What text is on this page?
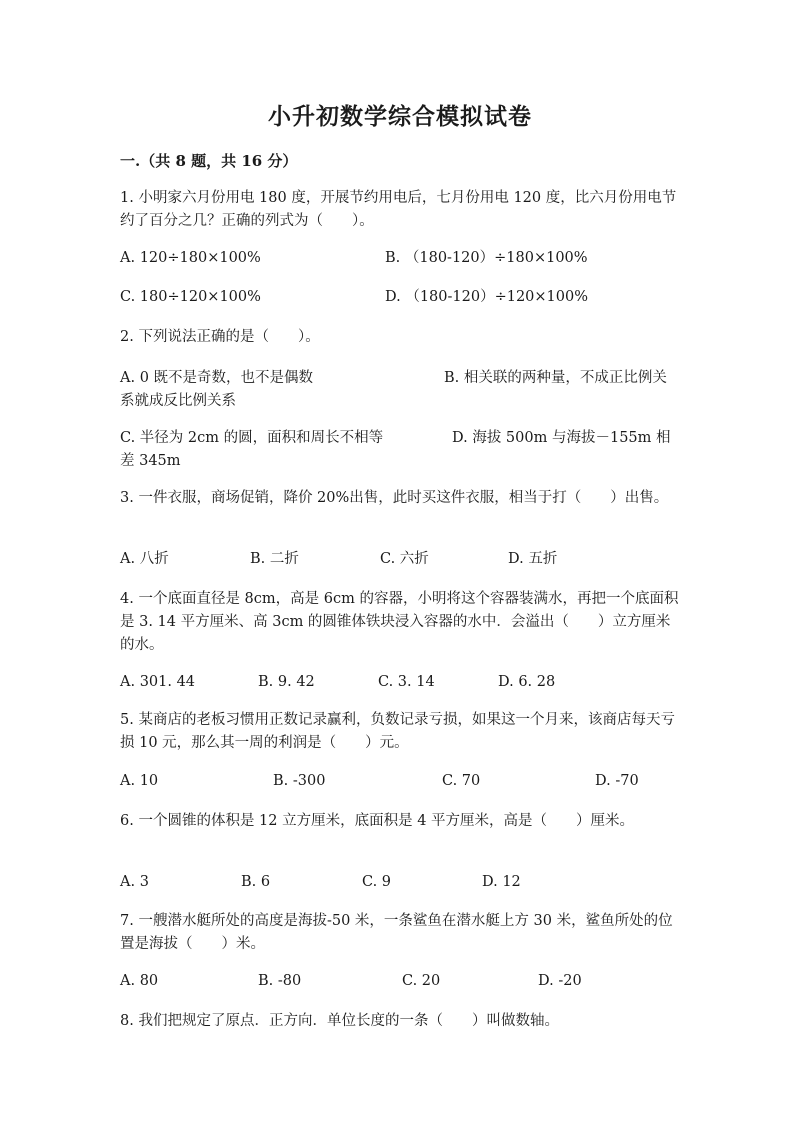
小升初数学综合模拟试卷
一.（共 8 题，共 16 分）
1. 小明家六月份用电 180 度，开展节约用电后，七月份用电 120 度，比六月份用电节约了百分之几？正确的列式为（　　）。
A. 120÷180×100%	B. （180-120）÷180×100%
C. 180÷120×100%	D. （180-120）÷120×100%
2. 下列说法正确的是（　　）。
A. 0 既不是奇数，也不是偶数	B. 相关联的两种量，不成正比例关系就成反比例关系
C. 半径为 2cm 的圆，面积和周长不相等	D. 海拔 500m 与海拔－155m 相差 345m
3. 一件衣服，商场促销，降价 20%出售，此时买这件衣服，相当于打（　　）出售。
A. 八折	B. 二折	C. 六折	D. 五折
4. 一个底面直径是 8cm，高是 6cm 的容器，小明将这个容器装满水，再把一个底面积是 3. 14 平方厘米、高 3cm 的圆锥体铁块浸入容器的水中．会溢出（　　）立方厘米的水。
A. 301. 44	B. 9. 42	C. 3. 14	D. 6. 28
5. 某商店的老板习惯用正数记录赢利，负数记录亏损，如果这一个月来，该商店每天亏损 10 元，那么其一周的利润是（　　）元。
A. 10	B. -300	C. 70	D. -70
6. 一个圆锥的体积是 12 立方厘米，底面积是 4 平方厘米，高是（　　）厘米。
A. 3	B. 6	C. 9	D. 12
7. 一艘潜水艇所处的高度是海拔-50 米，一条鲨鱼在潜水艇上方 30 米，鲨鱼所处的位置是海拔（　　）米。
A. 80	B. -80	C. 20	D. -20
8. 我们把规定了原点．正方向．单位长度的一条（　　）叫做数轴。
